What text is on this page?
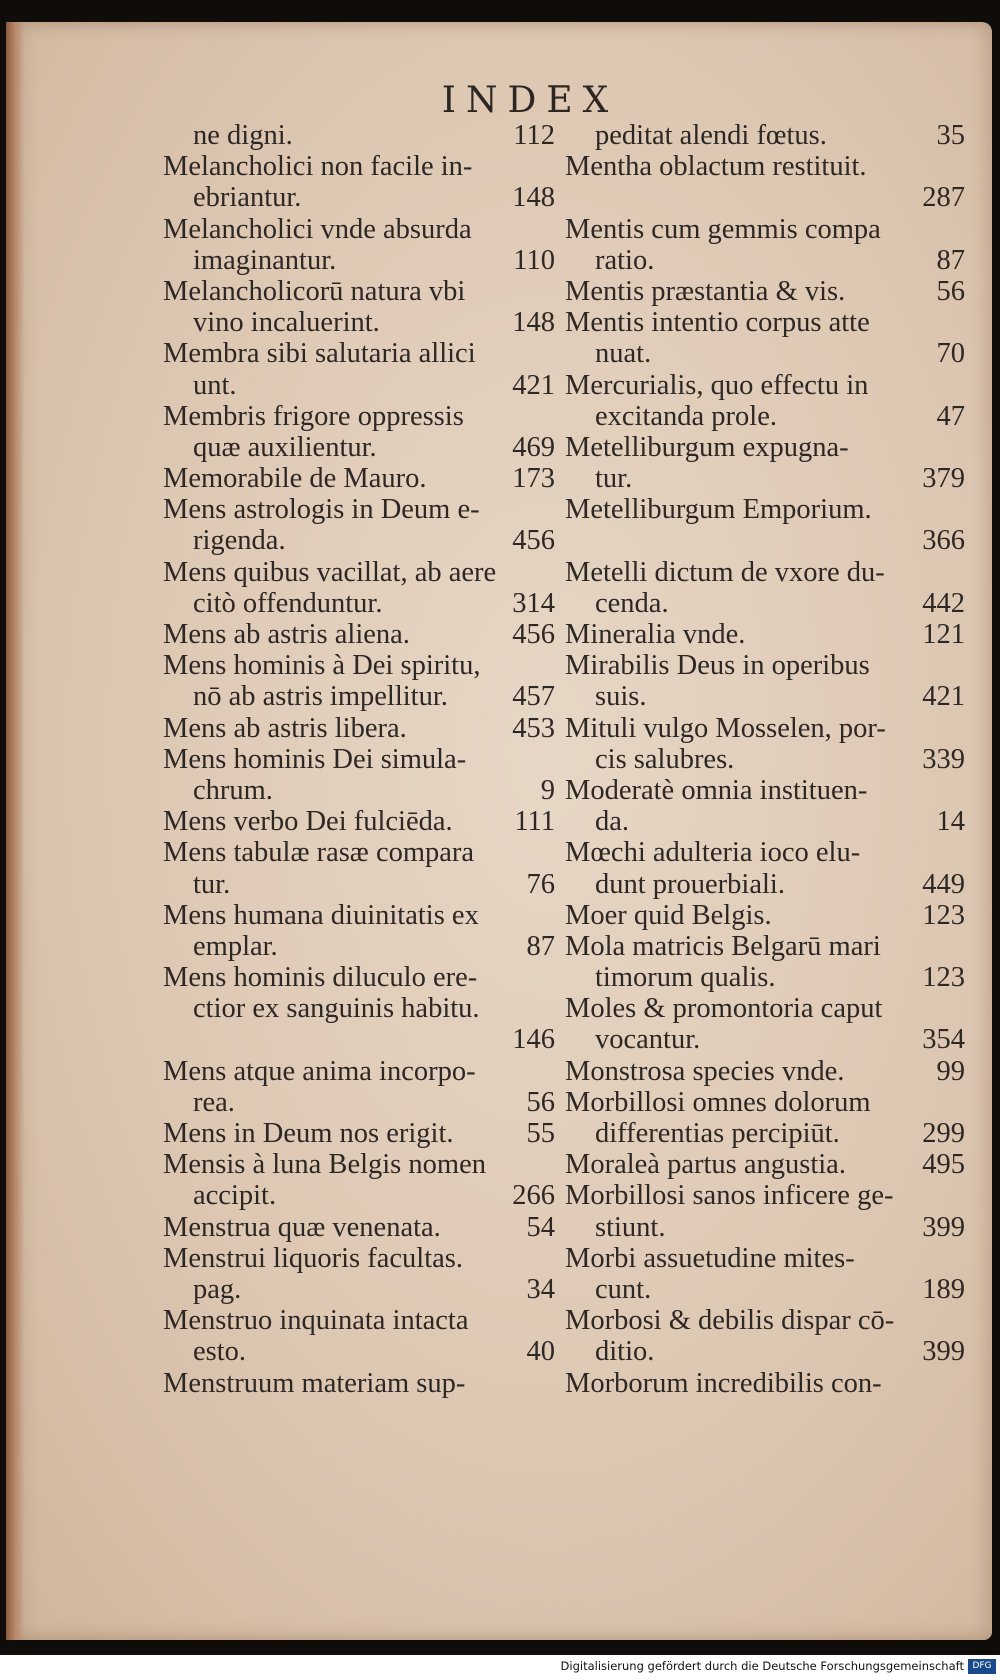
INDEX
ne digni.	112
Melancholici non facile in-
ebriantur.	148
Melancholici vnde absurda
imaginantur.	110
Melancholicorū natura vbi
vino incaluerint.	148
Membra sibi salutaria allici
unt.	421
Membris frigore oppressis
quæ auxilientur.	469
Memorabile de Mauro.	173
Mens astrologis in Deum e-
rigenda.	456
Mens quibus vacillat, ab aere
citò offenduntur.	314
Mens ab astris aliena.	456
Mens hominis à Dei spiritu,
nō ab astris impellitur. 457
Mens ab astris libera.	453
Mens hominis Dei simula-
chrum.	9
Mens verbo Dei fulciēda. 111
Mens tabulæ rasæ compara
tur.	76
Mens humana diuinitatis ex
emplar.	87
Mens hominis diluculo ere-
ctior ex sanguinis habitu.
146
Mens atque anima incorpo-
rea.	56
Mens in Deum nos erigit.	55
Mensis à luna Belgis nomen
accipit.	266
Menstrua quæ venenata.	54
Menstrui liquoris facultas.
pag.	34
Menstruo inquinata intacta
esto.	40
Menstruum materiam sup-
peditat alendi fœtus.	35
Mentha oblactum restituit.
287
Mentis cum gemmis compa
ratio.	87
Mentis præstantia & vis.	56
Mentis intentio corpus atte
nuat.	70
Mercurialis, quo effectu in
excitanda prole.	47
Metelliburgum expugna-
tur.	379
Metelliburgum Emporium.
366
Metelli dictum de vxore du-
cenda.	442
Mineralia vnde.	121
Mirabilis Deus in operibus
suis.	421
Mituli vulgo Mosselen, por-
cis salubres.	339
Moderatè omnia instituen-
da.	14
Mœchi adulteria ioco elu-
dunt prouerbiali.	449
Moer quid Belgis.	123
Mola matricis Belgarū mari
timorum qualis.	123
Moles & promontoria caput
vocantur.	354
Monstrosa species vnde.	99
Morbillosi omnes dolorum
differentias percipiūt.	299
Moraleà partus angustia.	495
Morbillosi sanos inficere ge-
stiunt.	399
Morbi assuetudine mites-
cunt.	189
Morbosi & debilis dispar cō-
ditio.	399
Morborum incredibilis con-
Digitalisierung gefördert durch die Deutsche Forschungsgemeinschaft DFG
